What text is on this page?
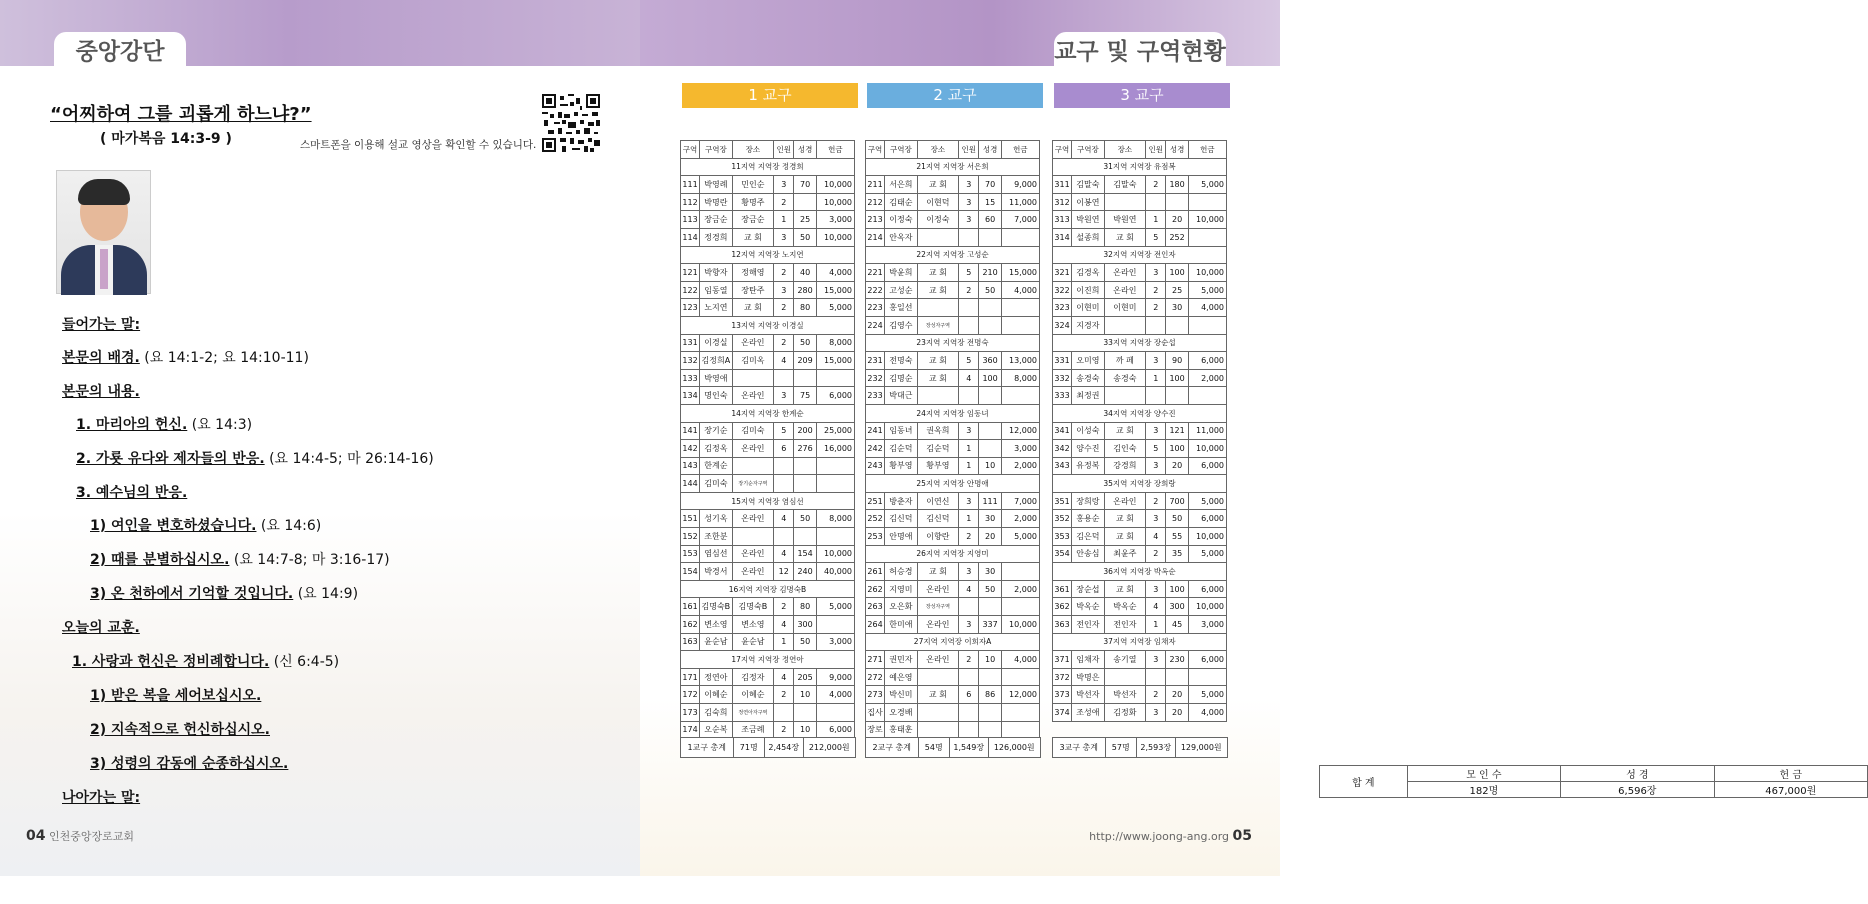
중앙강단
“어찌하여 그를 괴롭게 하느냐?”
( 마가복음 14:3-9 )	스마트폰을 이용해 설교 영상을 확인할 수 있습니다.
들어가는 말:
본문의 배경. (요 14:1-2; 요 14:10-11)
본문의 내용.
1. 마리아의 헌신. (요 14:3)
2. 가룟 유다와 제자들의 반응. (요 14:4-5; 마 26:14-16)
3. 예수님의 반응.
1) 여인을 변호하셨습니다. (요 14:6)
2) 때를 분별하십시오. (요 14:7-8; 마 3:16-17)
3) 온 천하에서 기억할 것입니다. (요 14:9)
오늘의 교훈.
1. 사랑과 헌신은 정비례합니다. (신 6:4-5)
1) 받은 복을 세어보십시오.
2) 지속적으로 헌신하십시오.
3) 성령의 감동에 순종하십시오.
나아가는 말:
04 인천중앙장로교회
교구 및 구역현황
1 교구
구역	구역장	장소	인원	성경	헌금
11지역 지역장 정경희					
111	박영례	민인순	3	70	10,000
112	박명란	황명주	2		10,000
113	장금순	장금순	1	25	3,000
114	정경희	교 회	3	50	10,000
12지역 지역장 노지연					
121	박향자	정해영	2	40	4,000
122	임동열	장탄주	3	280	15,000
123	노지연	교 회	2	80	5,000
13지역 지역장 이경실					
131	이경실	온라인	2	50	8,000
132	김정희A	김미옥	4	209	15,000
133	박영애				
134	명인숙	온라인	3	75	6,000
14지역 지역장 한계순					
141	장기순	김미숙	5	200	25,000
142	김정옥	온라인	6	276	16,000
143	한계순				
144	김미숙	장기순자구역			
15지역 지역장 염심선					
151	성기옥	온라인	4	50	8,000
152	조한분				
153	염심선	온라인	4	154	10,000
154	박경서	온라인	12	240	40,000
16지역 지역장 김명숙B					
161	김명숙B	김명숙B	2	80	5,000
162	변소영	변소영	4	300	
163	윤순남	윤순남	1	50	3,000
17지역 지역장 정연아					
171	정연아	김정자	4	205	9,000
172	이혜순	이혜순	2	10	4,000
173	김숙희	정연아자구역			
174	오순복	조금례	2	10	6,000
1교구 총계	71명	2,454장	212,000원
2 교구
구역	구역장	장소	인원	성경	헌금
21지역 지역장 서은희					
211	서은희	교 회	3	70	9,000
212	김태순	이현덕	3	15	11,000
213	이정숙	이정숙	3	60	7,000
214	안옥자				
22지역 지역장 고성순					
221	박윤희	교 회	5	210	15,000
222	고성순	교 회	2	50	4,000
223	홍일선				
224	김영수	장성자구역			
23지역 지역장 전명숙					
231	전명숙	교 회	5	360	13,000
232	김명순	교 회	4	100	8,000
233	박대근				
24지역 지역장 임동녀					
241	임동녀	권옥희	3		12,000
242	김순덕	김순덕	1		3,000
243	황부영	황부영	1	10	2,000
25지역 지역장 안명애					
251	방춘자	이연신	3	111	7,000
252	김신덕	김신덕	1	30	2,000
253	안명애	이향란	2	20	5,000
26지역 지역장 지영미					
261	허승경	교 회	3	30	
262	지영미	온라인	4	50	2,000
263	오은화	장성자구역			
264	한미애	온라인	3	337	10,000
27지역 지역장 이희자A					
271	권민자	온라인	2	10	4,000
272	예은영				
273	박신미	교 회	6	86	12,000
집사	오경배				
장로	홍태훈				
2교구 총계	54명	1,549장	126,000원
3 교구
구역	구역장	장소	인원	성경	헌금
31지역 지역장 유점복					
311	김말숙	김말숙	2	180	5,000
312	이봉연				
313	박원연	박원연	1	20	10,000
314	설종희	교 회	5	252	
32지역 지역장 전인자					
321	김경옥	온라인	3	100	10,000
322	이진희	온라인	2	25	5,000
323	이현미	이현미	2	30	4,000
324	지경자				
33지역 지역장 장순섭					
331	오미영	까 페	3	90	6,000
332	송경숙	송경숙	1	100	2,000
333	최정권				
34지역 지역장 양수진					
341	이성숙	교 회	3	121	11,000
342	양수진	김인숙	5	100	10,000
343	유정복	강경희	3	20	6,000
35지역 지역장 장희랑					
351	장희랑	온라인	2	700	5,000
352	홍용순	교 회	3	50	6,000
353	김은덕	교 회	4	55	10,000
354	안송심	최윤주	2	35	5,000
36지역 지역장 박옥순					
361	장순섭	교 회	3	100	6,000
362	박옥순	박옥순	4	300	10,000
363	전인자	전인자	1	45	3,000
37지역 지역장 임채자					
371	임채자	송기열	3	230	6,000
372	박명은				
373	박선자	박선자	2	20	5,000
374	조성애	김정화	3	20	4,000
3교구 총계	57명	2,593장	129,000원
합 계	모 인 수	성 경	헌 금
	182명	6,596장	467,000원
http://www.joong-ang.org 05
